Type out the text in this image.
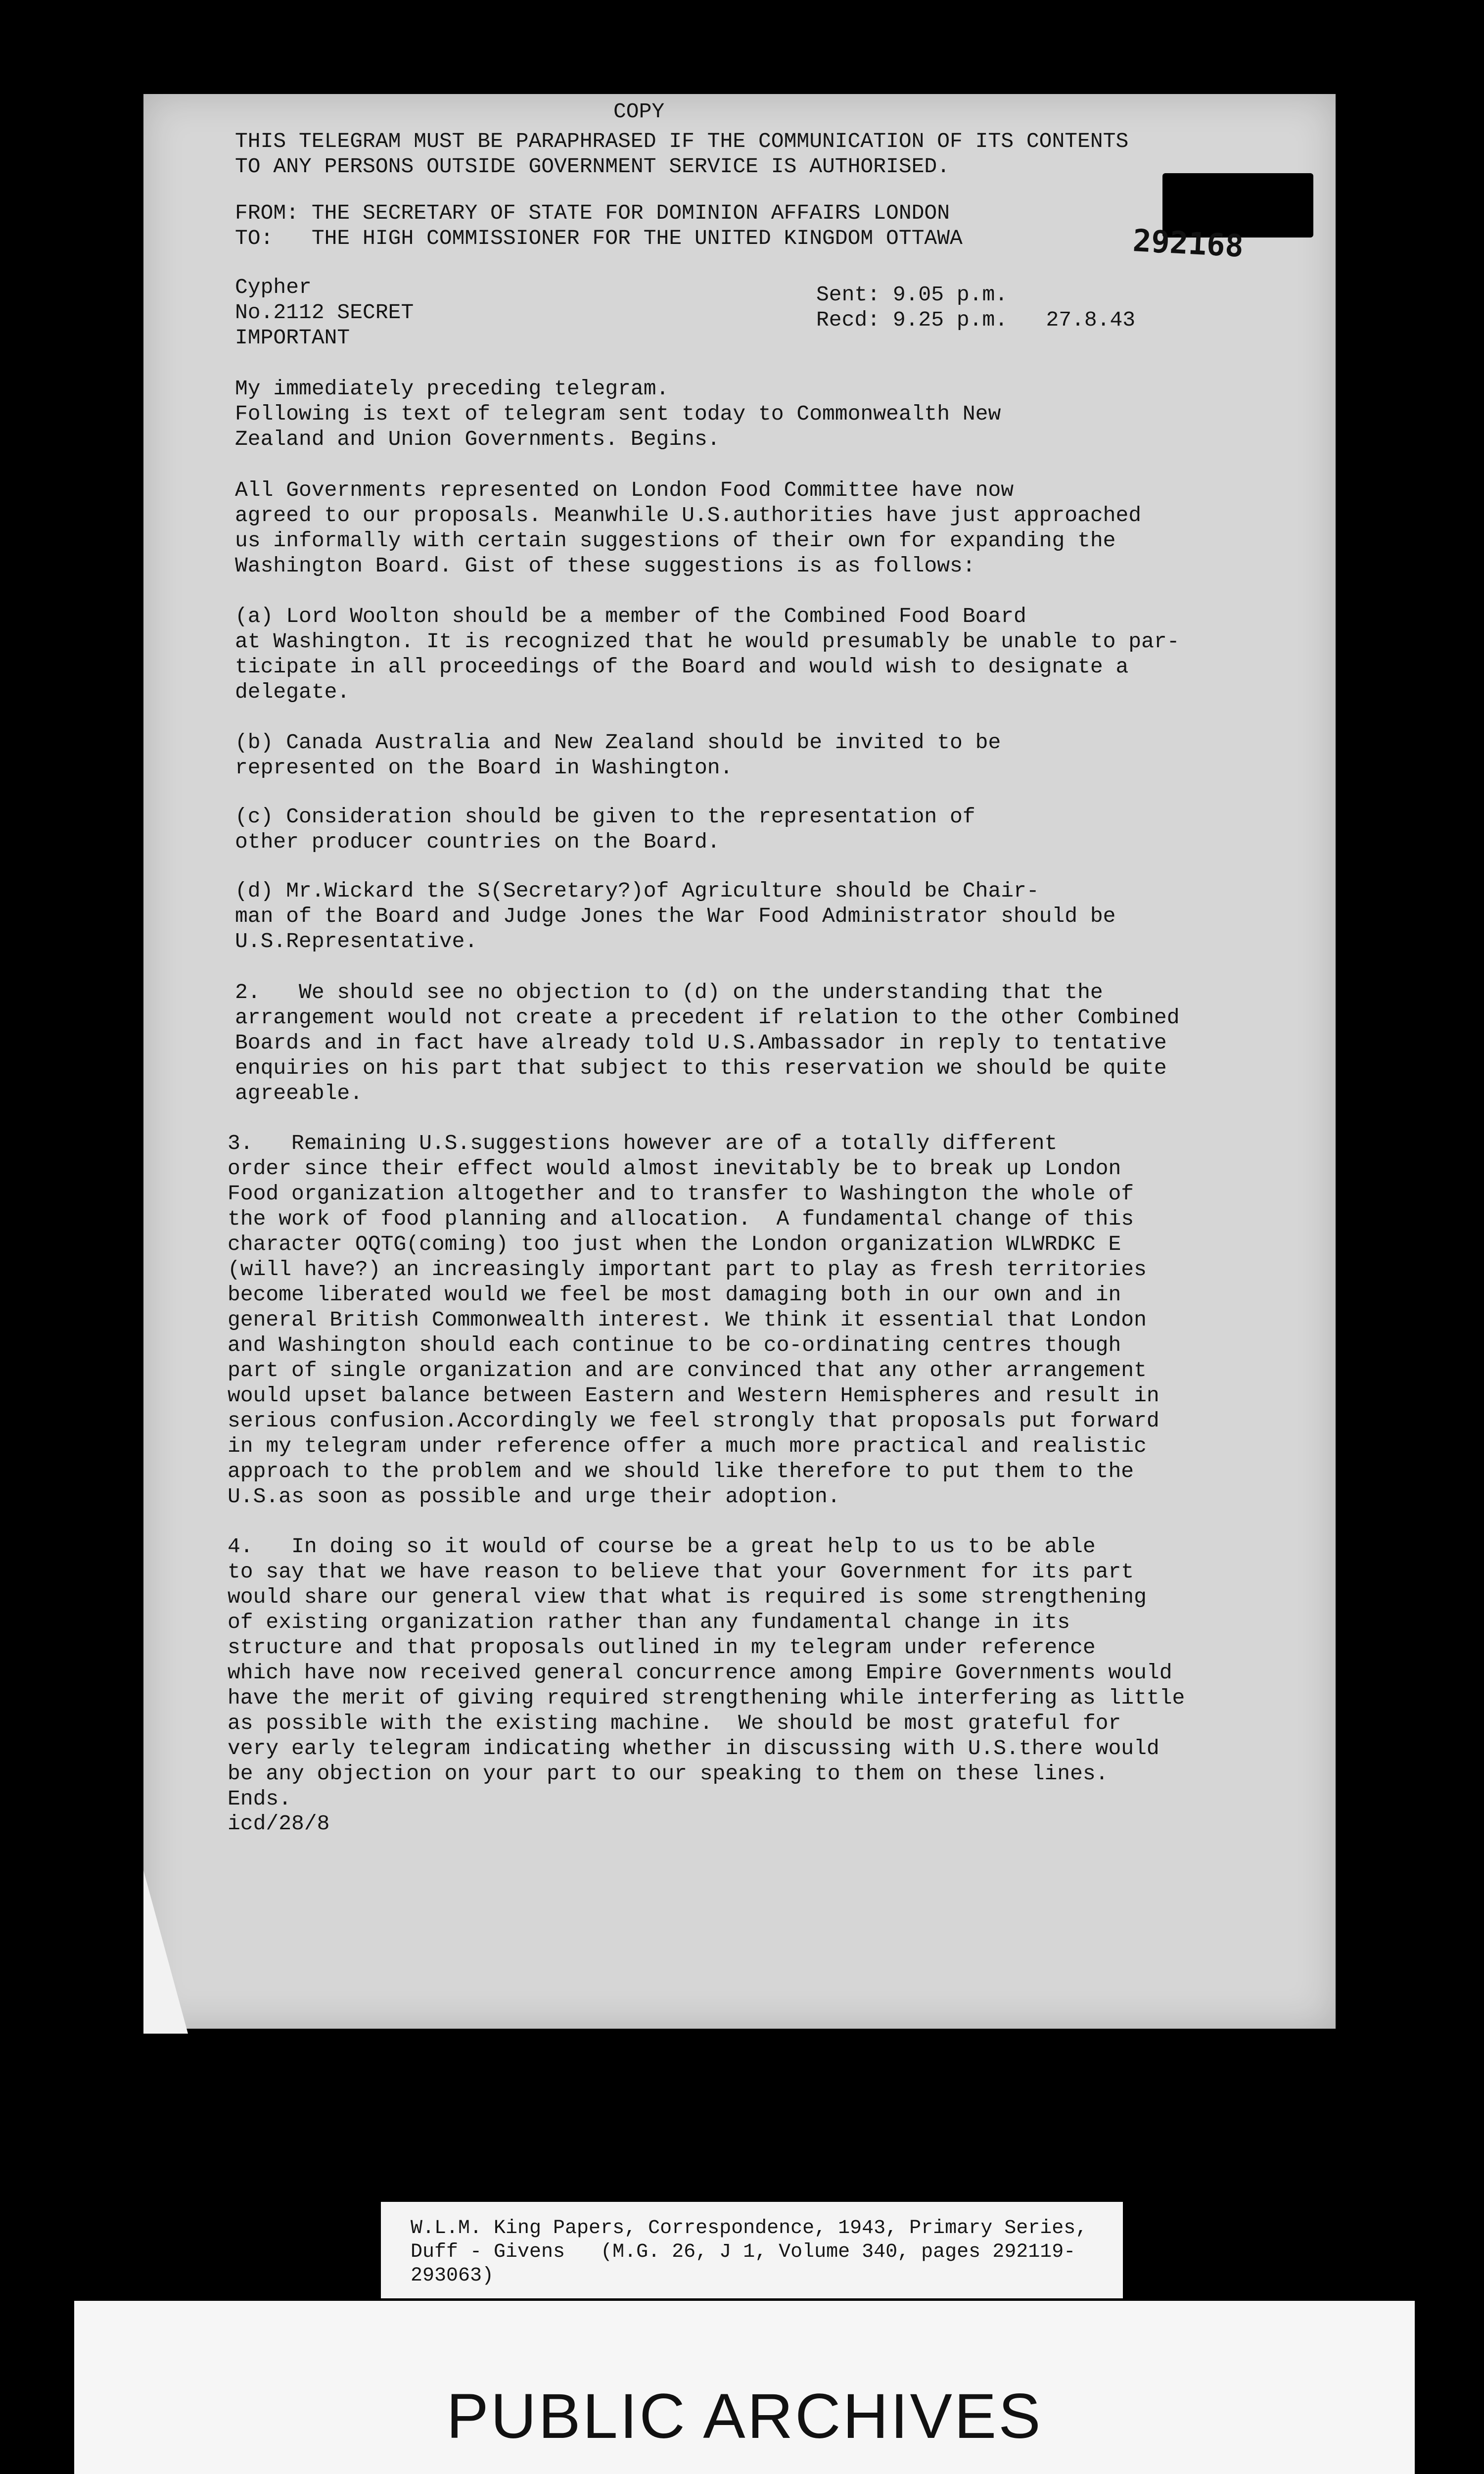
COPY
THIS TELEGRAM MUST BE PARAPHRASED IF THE COMMUNICATION OF ITS CONTENTS
TO ANY PERSONS OUTSIDE GOVERNMENT SERVICE IS AUTHORISED.
FROM: THE SECRETARY OF STATE FOR DOMINION AFFAIRS LONDON
TO:   THE HIGH COMMISSIONER FOR THE UNITED KINGDOM OTTAWA	292168
Cypher
No.2112 SECRET
IMPORTANT
Sent: 9.05 p.m.
Recd: 9.25 p.m.   27.8.43
My immediately preceding telegram.
Following is text of telegram sent today to Commonwealth New
Zealand and Union Governments. Begins.
All Governments represented on London Food Committee have now
agreed to our proposals. Meanwhile U.S.authorities have just approached
us informally with certain suggestions of their own for expanding the
Washington Board. Gist of these suggestions is as follows:
(a) Lord Woolton should be a member of the Combined Food Board
at Washington. It is recognized that he would presumably be unable to par-
ticipate in all proceedings of the Board and would wish to designate a
delegate.
(b) Canada Australia and New Zealand should be invited to be
represented on the Board in Washington.
(c) Consideration should be given to the representation of
other producer countries on the Board.
(d) Mr.Wickard the S(Secretary?)of Agriculture should be Chair-
man of the Board and Judge Jones the War Food Administrator should be
U.S.Representative.
2.   We should see no objection to (d) on the understanding that the
arrangement would not create a precedent if relation to the other Combined
Boards and in fact have already told U.S.Ambassador in reply to tentative
enquiries on his part that subject to this reservation we should be quite
agreeable.
3.   Remaining U.S.suggestions however are of a totally different
order since their effect would almost inevitably be to break up London
Food organization altogether and to transfer to Washington the whole of
the work of food planning and allocation.  A fundamental change of this
character OQTG(coming) too just when the London organization WLWRDKC E
(will have?) an increasingly important part to play as fresh territories
become liberated would we feel be most damaging both in our own and in
general British Commonwealth interest. We think it essential that London
and Washington should each continue to be co-ordinating centres though
part of single organization and are convinced that any other arrangement
would upset balance between Eastern and Western Hemispheres and result in
serious confusion.Accordingly we feel strongly that proposals put forward
in my telegram under reference offer a much more practical and realistic
approach to the problem and we should like therefore to put them to the
U.S.as soon as possible and urge their adoption.
4.   In doing so it would of course be a great help to us to be able
to say that we have reason to believe that your Government for its part
would share our general view that what is required is some strengthening
of existing organization rather than any fundamental change in its
structure and that proposals outlined in my telegram under reference
which have now received general concurrence among Empire Governments would
have the merit of giving required strengthening while interfering as little
as possible with the existing machine.  We should be most grateful for
very early telegram indicating whether in discussing with U.S.there would
be any objection on your part to our speaking to them on these lines.
Ends.
icd/28/8
W.L.M. King Papers, Correspondence, 1943, Primary Series,
Duff - Givens   (M.G. 26, J 1, Volume 340, pages 292119-
293063)
PUBLIC ARCHIVES
